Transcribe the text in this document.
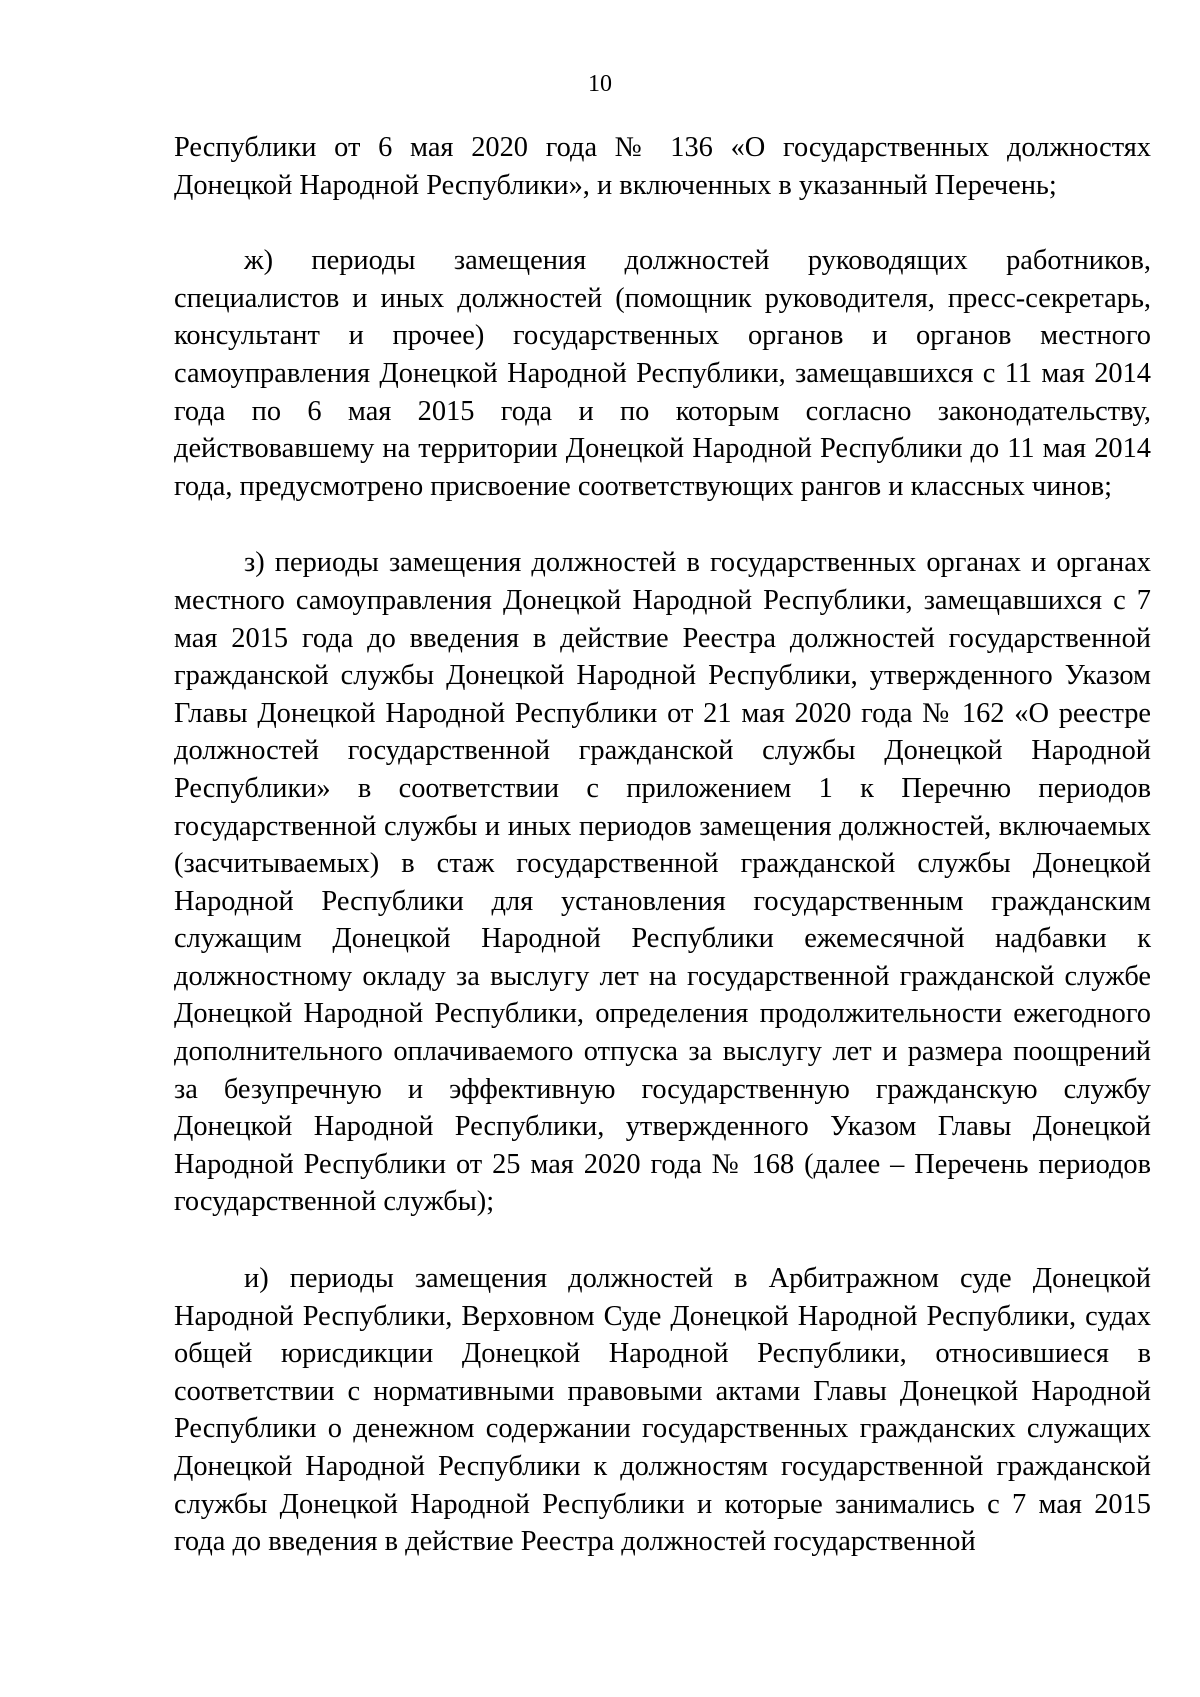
10

Республики от 6 мая 2020 года № 136 «О государственных должностях Донецкой Народной Республики», и включенных в указанный Перечень;

ж) периоды замещения должностей руководящих работников, специалистов и иных должностей (помощник руководителя, пресс-секретарь, консультант и прочее) государственных органов и органов местного самоуправления Донецкой Народной Республики, замещавшихся с 11 мая 2014 года по 6 мая 2015 года и по которым согласно законодательству, действовавшему на территории Донецкой Народной Республики до 11 мая 2014 года, предусмотрено присвоение соответствующих рангов и классных чинов;

з) периоды замещения должностей в государственных органах и органах местного самоуправления Донецкой Народной Республики, замещавшихся с 7 мая 2015 года до введения в действие Реестра должностей государственной гражданской службы Донецкой Народной Республики, утвержденного Указом Главы Донецкой Народной Республики от 21 мая 2020 года № 162 «О реестре должностей государственной гражданской службы Донецкой Народной Республики» в соответствии с приложением 1 к Перечню периодов государственной службы и иных периодов замещения должностей, включаемых (засчитываемых) в стаж государственной гражданской службы Донецкой Народной Республики для установления государственным гражданским служащим Донецкой Народной Республики ежемесячной надбавки к должностному окладу за выслугу лет на государственной гражданской службе Донецкой Народной Республики, определения продолжительности ежегодного дополнительного оплачиваемого отпуска за выслугу лет и размера поощрений за безупречную и эффективную государственную гражданскую службу Донецкой Народной Республики, утвержденного Указом Главы Донецкой Народной Республики от 25 мая 2020 года № 168 (далее – Перечень периодов государственной службы);

и) периоды замещения должностей в Арбитражном суде Донецкой Народной Республики, Верховном Суде Донецкой Народной Республики, судах общей юрисдикции Донецкой Народной Республики, относившиеся в соответствии с нормативными правовыми актами Главы Донецкой Народной Республики о денежном содержании государственных гражданских служащих Донецкой Народной Республики к должностям государственной гражданской службы Донецкой Народной Республики и которые занимались с 7 мая 2015 года до введения в действие Реестра должностей государственной
